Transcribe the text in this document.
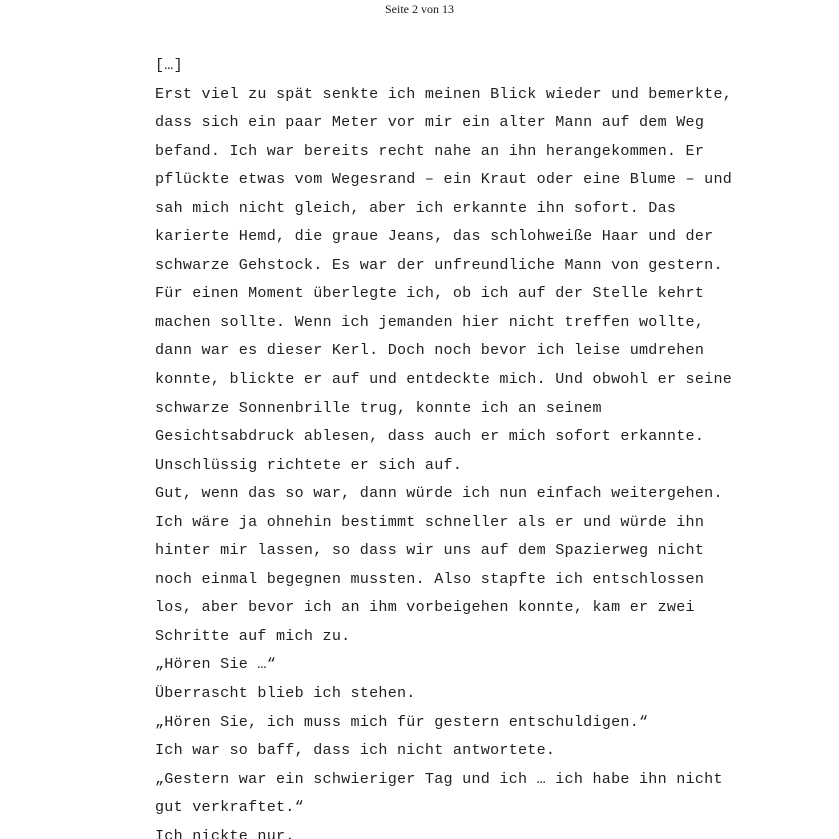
Seite 2 von 13
[…]
Erst viel zu spät senkte ich meinen Blick wieder und bemerkte,
dass sich ein paar Meter vor mir ein alter Mann auf dem Weg
befand. Ich war bereits recht nahe an ihn herangekommen. Er
pflückte etwas vom Wegesrand – ein Kraut oder eine Blume – und
sah mich nicht gleich, aber ich erkannte ihn sofort. Das
karierte Hemd, die graue Jeans, das schlohweiße Haar und der
schwarze Gehstock. Es war der unfreundliche Mann von gestern.
Für einen Moment überlegte ich, ob ich auf der Stelle kehrt
machen sollte. Wenn ich jemanden hier nicht treffen wollte,
dann war es dieser Kerl. Doch noch bevor ich leise umdrehen
konnte, blickte er auf und entdeckte mich. Und obwohl er seine
schwarze Sonnenbrille trug, konnte ich an seinem
Gesichtsabdruck ablesen, dass auch er mich sofort erkannte.
Unschlüssig richtete er sich auf.
Gut, wenn das so war, dann würde ich nun einfach weitergehen.
Ich wäre ja ohnehin bestimmt schneller als er und würde ihn
hinter mir lassen, so dass wir uns auf dem Spazierweg nicht
noch einmal begegnen mussten. Also stapfte ich entschlossen
los, aber bevor ich an ihm vorbeigehen konnte, kam er zwei
Schritte auf mich zu.
„Hören Sie …“
Überrascht blieb ich stehen.
„Hören Sie, ich muss mich für gestern entschuldigen.“
Ich war so baff, dass ich nicht antwortete.
„Gestern war ein schwieriger Tag und ich … ich habe ihn nicht
gut verkraftet.“
Ich nickte nur.
